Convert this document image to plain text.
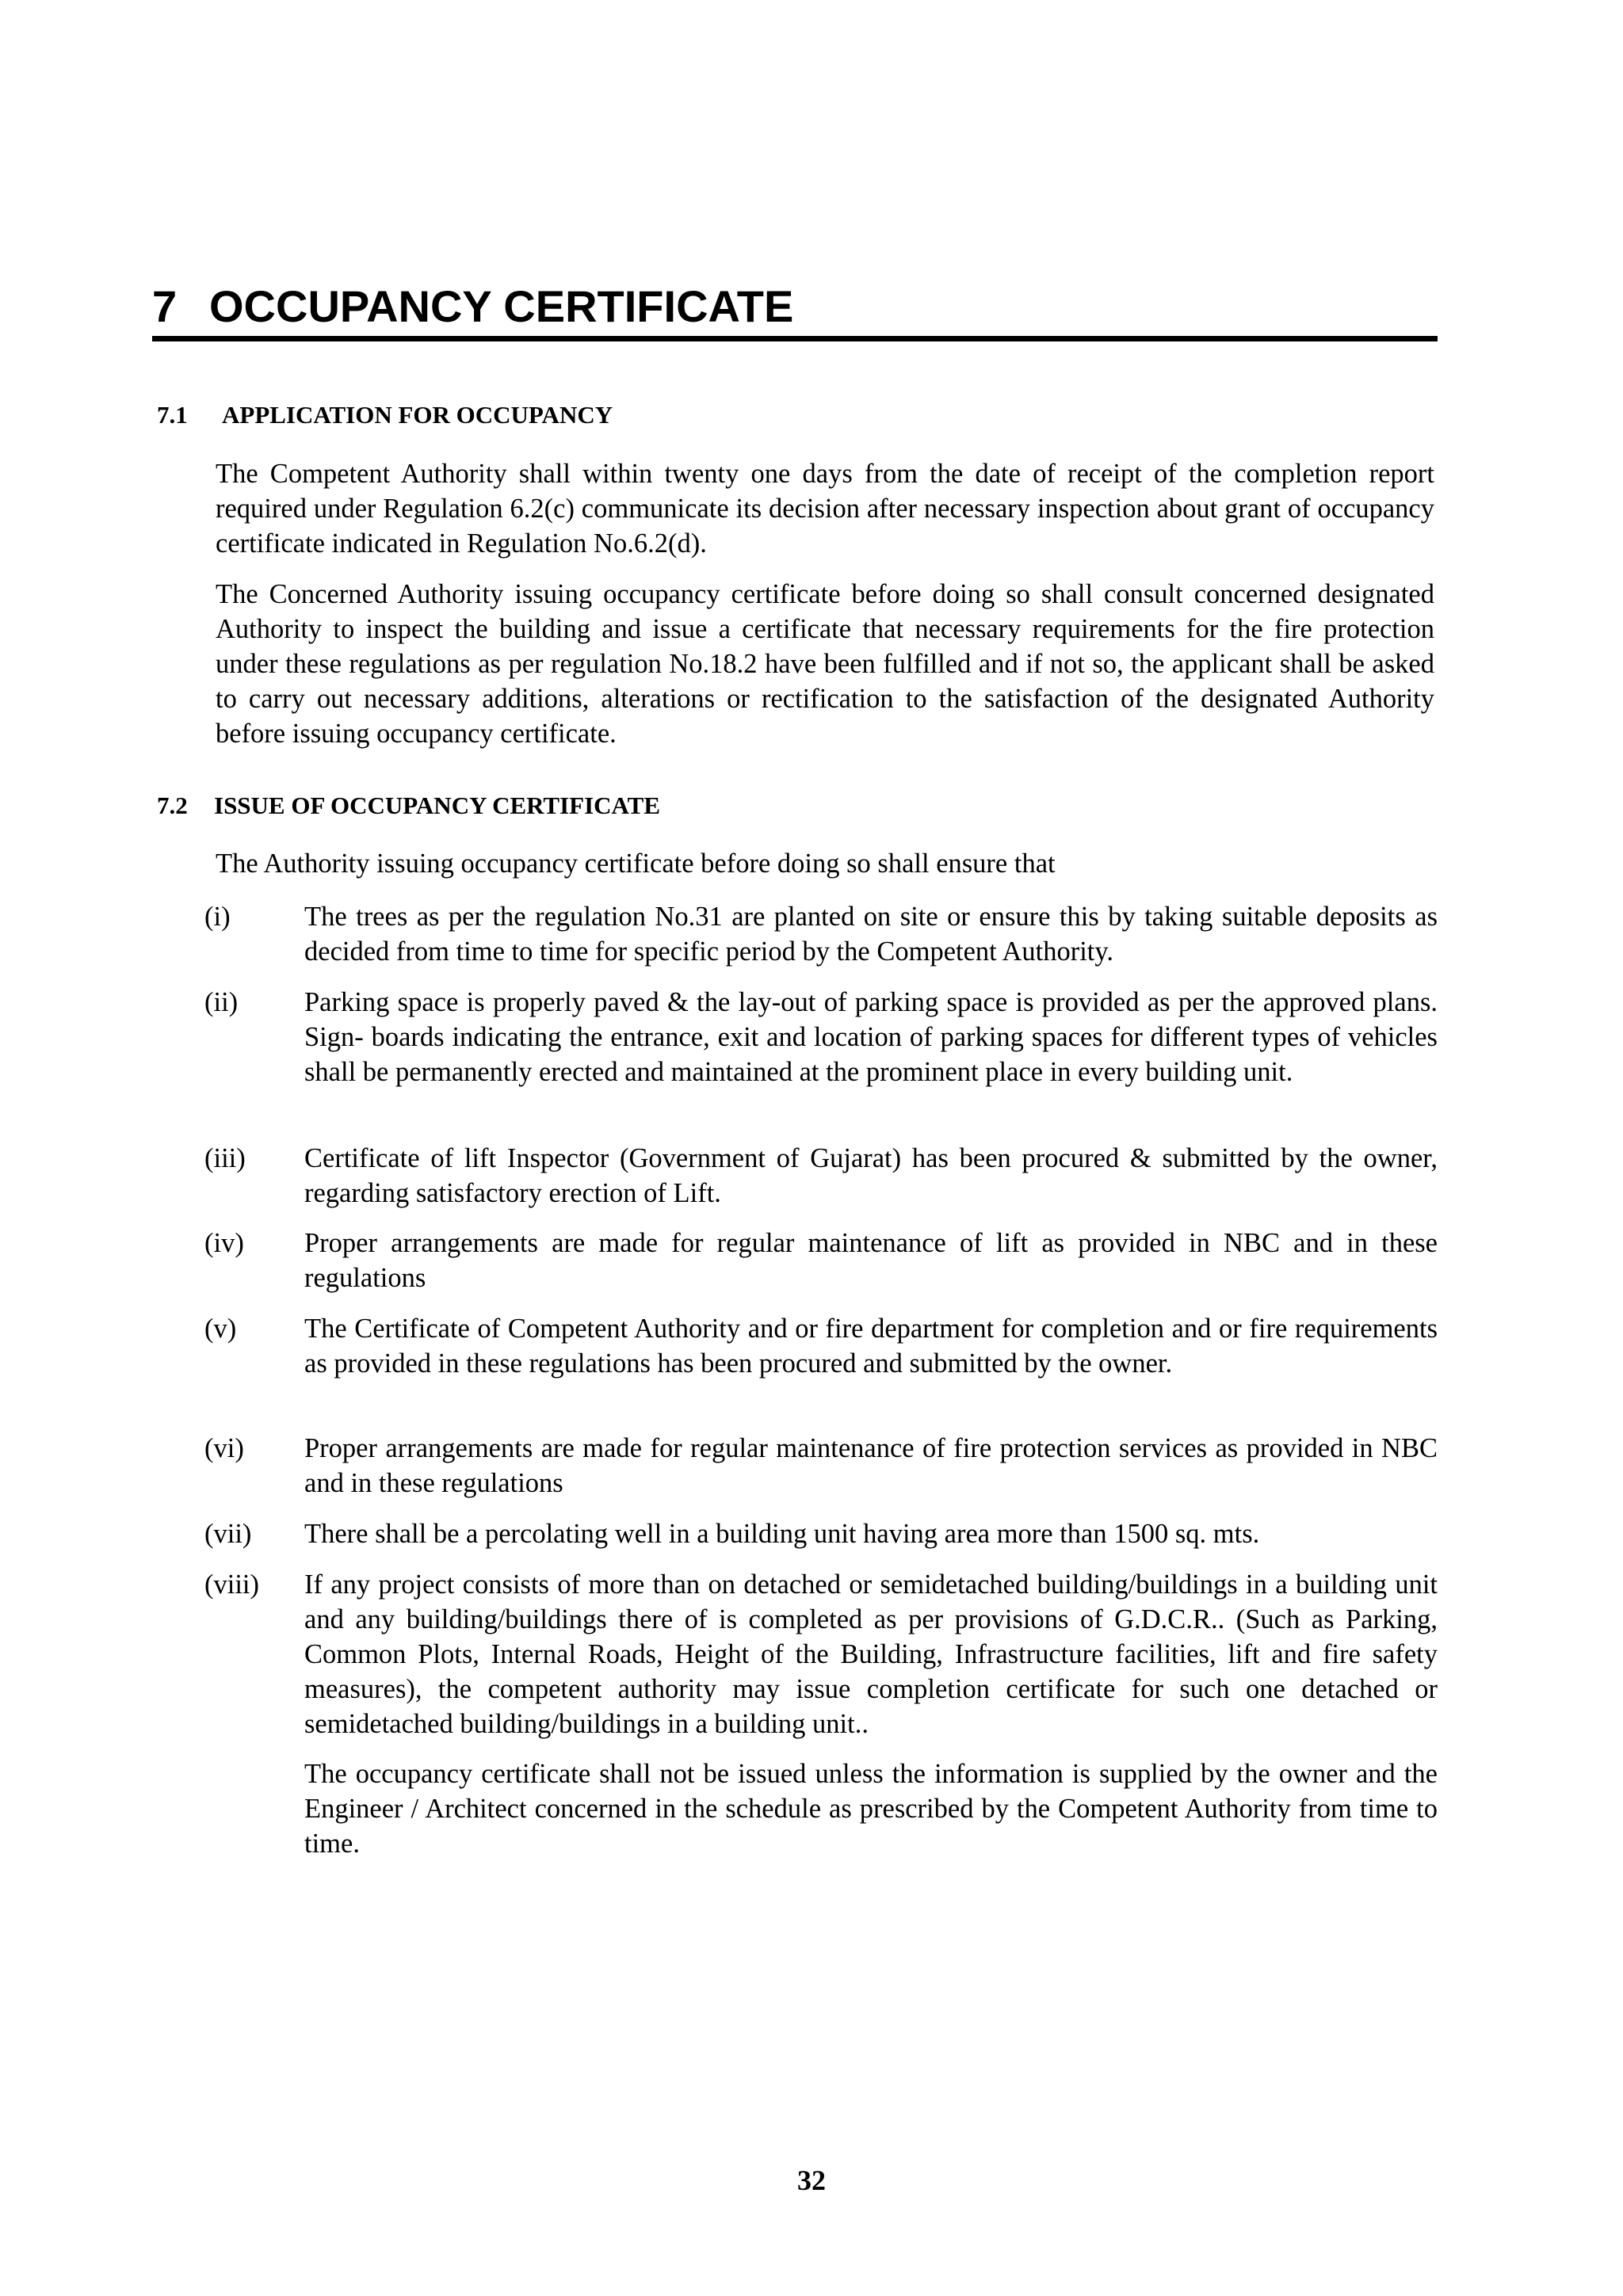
7 OCCUPANCY CERTIFICATE
7.1 APPLICATION FOR OCCUPANCY
The Competent Authority shall within twenty one days from the date of receipt of the completion report required under Regulation 6.2(c) communicate its decision after necessary inspection about grant of occupancy certificate indicated in Regulation No.6.2(d).
The Concerned Authority issuing occupancy certificate before doing so shall consult concerned designated Authority to inspect the building and issue a certificate that necessary requirements for the fire protection under these regulations as per regulation No.18.2 have been fulfilled and if not so, the applicant shall be asked to carry out necessary additions, alterations or rectification to the satisfaction of the designated Authority before issuing occupancy certificate.
7.2 ISSUE OF OCCUPANCY CERTIFICATE
The Authority issuing occupancy certificate before doing so shall ensure that
(i)	The trees as per the regulation No.31 are planted on site or ensure this by taking suitable deposits as decided from time to time for specific period by the Competent Authority.
(ii)	Parking space is properly paved & the lay-out of parking space is provided as per the approved plans. Sign- boards indicating the entrance, exit and location of parking spaces for different types of vehicles shall be permanently erected and maintained at the prominent place in every building unit.
(iii)	Certificate of lift Inspector (Government of Gujarat) has been procured & submitted by the owner, regarding satisfactory erection of Lift.
(iv)	Proper arrangements are made for regular maintenance of lift as provided in NBC and in these regulations
(v)	The Certificate of Competent Authority and or fire department for completion and or fire requirements as provided in these regulations has been procured and submitted by the owner.
(vi)	Proper arrangements are made for regular maintenance of fire protection services as provided in NBC and in these regulations
(vii)	There shall be a percolating well in a building unit having area more than 1500 sq. mts.
(viii)	If any project consists of more than on detached or semidetached building/buildings in a building unit and any building/buildings there of is completed as per provisions of G.D.C.R.. (Such as Parking, Common Plots, Internal Roads, Height of the Building, Infrastructure facilities, lift and fire safety measures), the competent authority may issue completion certificate for such one detached or semidetached building/buildings in a building unit..
The occupancy certificate shall not be issued unless the information is supplied by the owner and the Engineer / Architect concerned in the schedule as prescribed by the Competent Authority from time to time.
32
